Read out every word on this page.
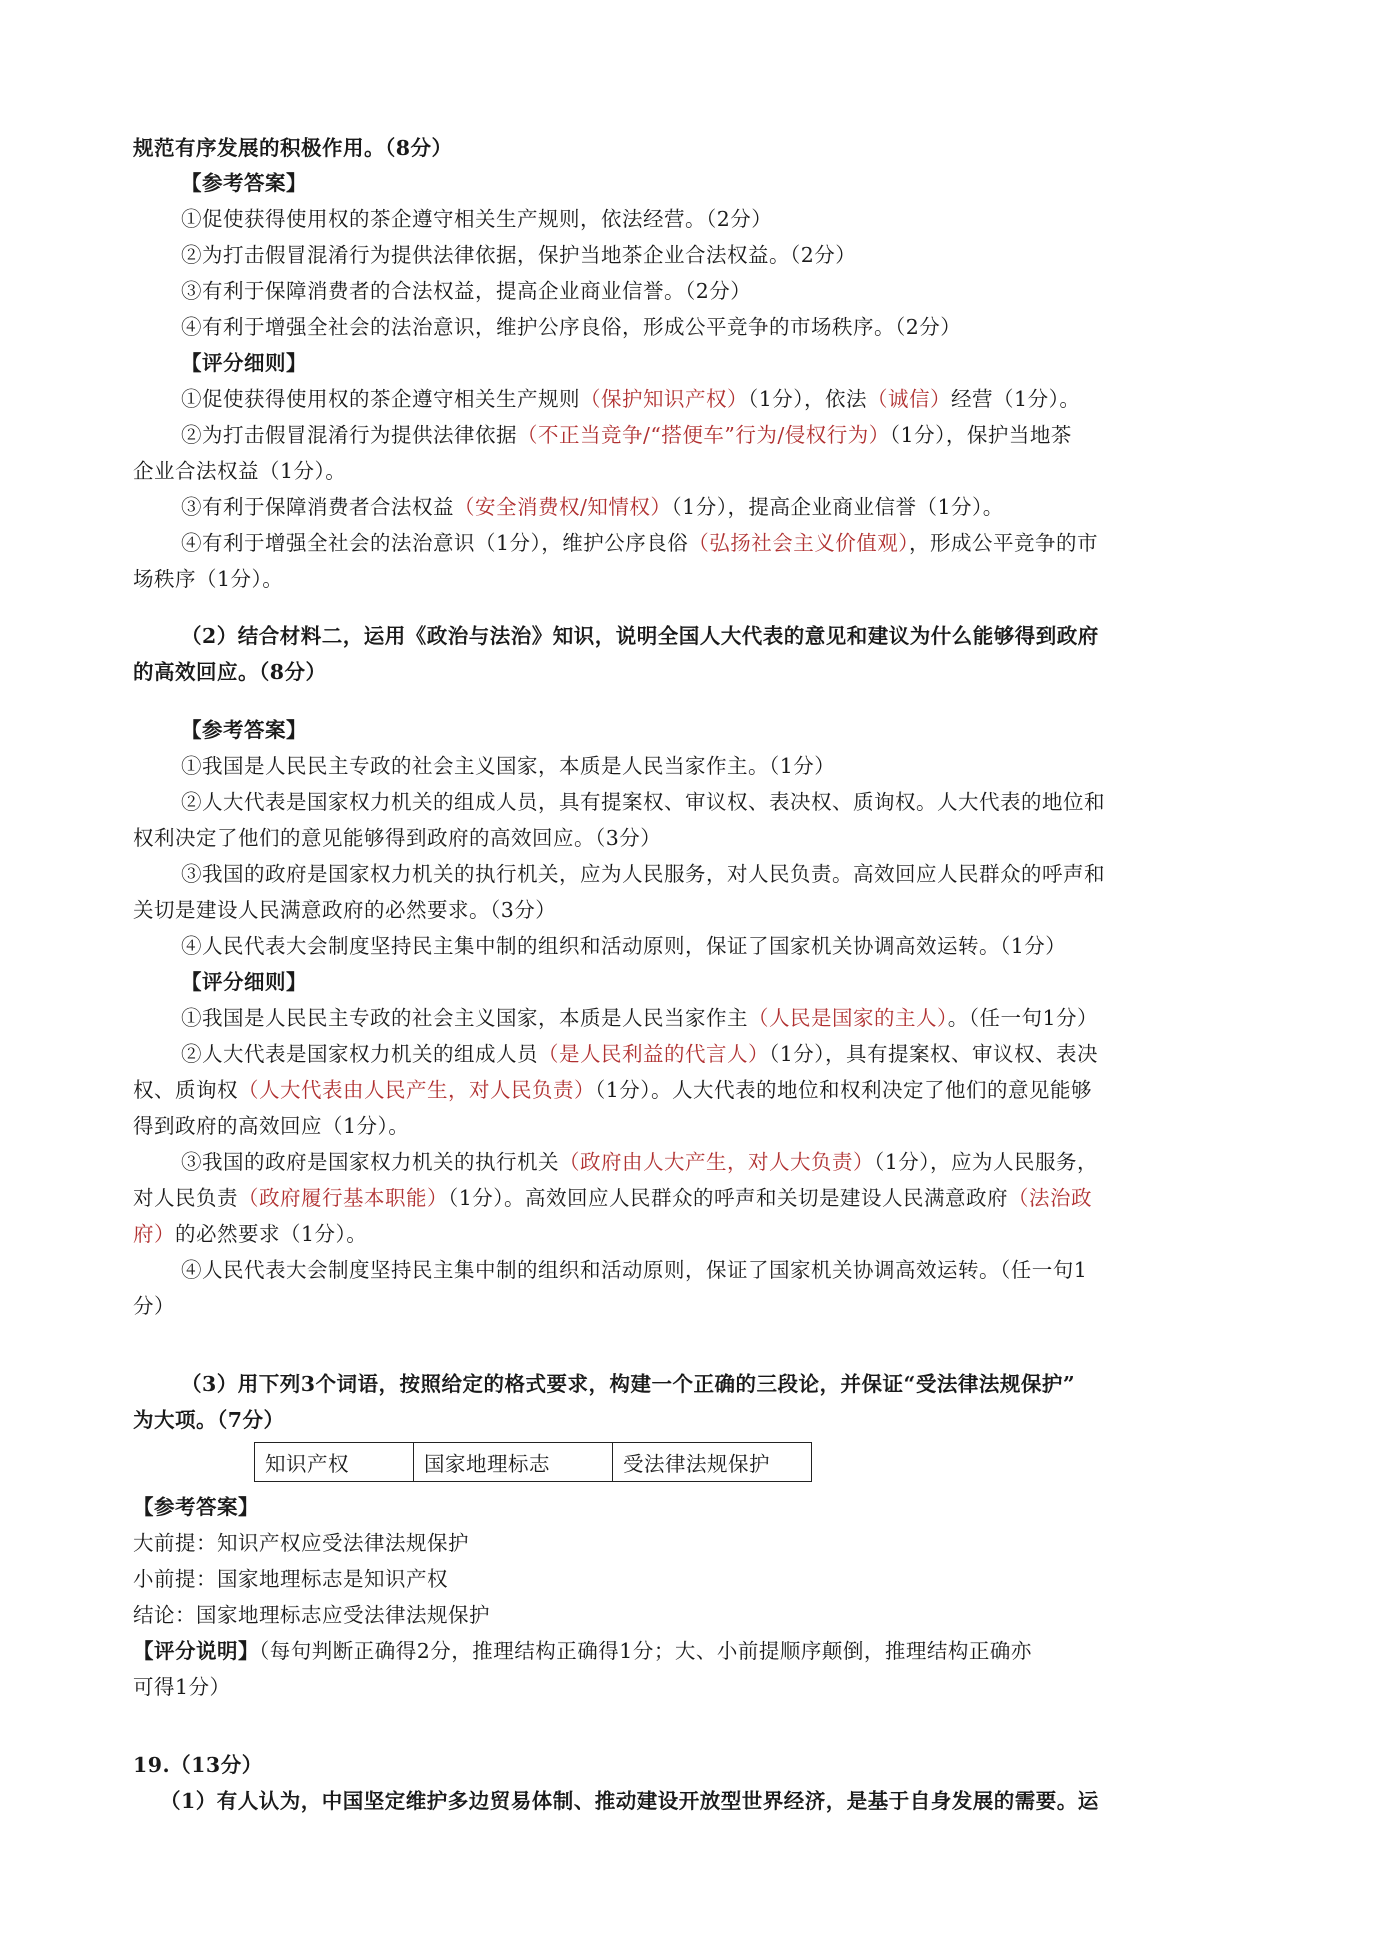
规范有序发展的积极作用。（8分）
【参考答案】
①促使获得使用权的茶企遵守相关生产规则，依法经营。（2分）
②为打击假冒混淆行为提供法律依据，保护当地茶企业合法权益。（2分）
③有利于保障消费者的合法权益，提高企业商业信誉。（2分）
④有利于增强全社会的法治意识，维护公序良俗，形成公平竞争的市场秩序。（2分）
【评分细则】
①促使获得使用权的茶企遵守相关生产规则（保护知识产权）（1分），依法（诚信）经营（1分）。
②为打击假冒混淆行为提供法律依据（不正当竞争/“搭便车”行为/侵权行为）（1分），保护当地茶
企业合法权益（1分）。
③有利于保障消费者合法权益（安全消费权/知情权）（1分），提高企业商业信誉（1分）。
④有利于增强全社会的法治意识（1分），维护公序良俗（弘扬社会主义价值观），形成公平竞争的市
场秩序（1分）。
（2）结合材料二，运用《政治与法治》知识，说明全国人大代表的意见和建议为什么能够得到政府
的高效回应。（8分）
【参考答案】
①我国是人民民主专政的社会主义国家，本质是人民当家作主。（1分）
②人大代表是国家权力机关的组成人员，具有提案权、审议权、表决权、质询权。人大代表的地位和
权利决定了他们的意见能够得到政府的高效回应。（3分）
③我国的政府是国家权力机关的执行机关，应为人民服务，对人民负责。高效回应人民群众的呼声和
关切是建设人民满意政府的必然要求。（3分）
④人民代表大会制度坚持民主集中制的组织和活动原则，保证了国家机关协调高效运转。（1分）
【评分细则】
①我国是人民民主专政的社会主义国家，本质是人民当家作主（人民是国家的主人）。（任一句1分）
②人大代表是国家权力机关的组成人员（是人民利益的代言人）（1分），具有提案权、审议权、表决
权、质询权（人大代表由人民产生，对人民负责）（1分）。人大代表的地位和权利决定了他们的意见能够
得到政府的高效回应（1分）。
③我国的政府是国家权力机关的执行机关（政府由人大产生，对人大负责）（1分），应为人民服务，
对人民负责（政府履行基本职能）（1分）。高效回应人民群众的呼声和关切是建设人民满意政府（法治政
府）的必然要求（1分）。
④人民代表大会制度坚持民主集中制的组织和活动原则，保证了国家机关协调高效运转。（任一句1
分）
（3）用下列3个词语，按照给定的格式要求，构建一个正确的三段论，并保证“受法律法规保护”
为大项。（7分）
知识产权	国家地理标志	受法律法规保护
【参考答案】
大前提：知识产权应受法律法规保护
小前提：国家地理标志是知识产权
结论：国家地理标志应受法律法规保护
【评分说明】（每句判断正确得2分，推理结构正确得1分；大、小前提顺序颠倒，推理结构正确亦
可得1分）
19.（13分）
（1）有人认为，中国坚定维护多边贸易体制、推动建设开放型世界经济，是基于自身发展的需要。运
